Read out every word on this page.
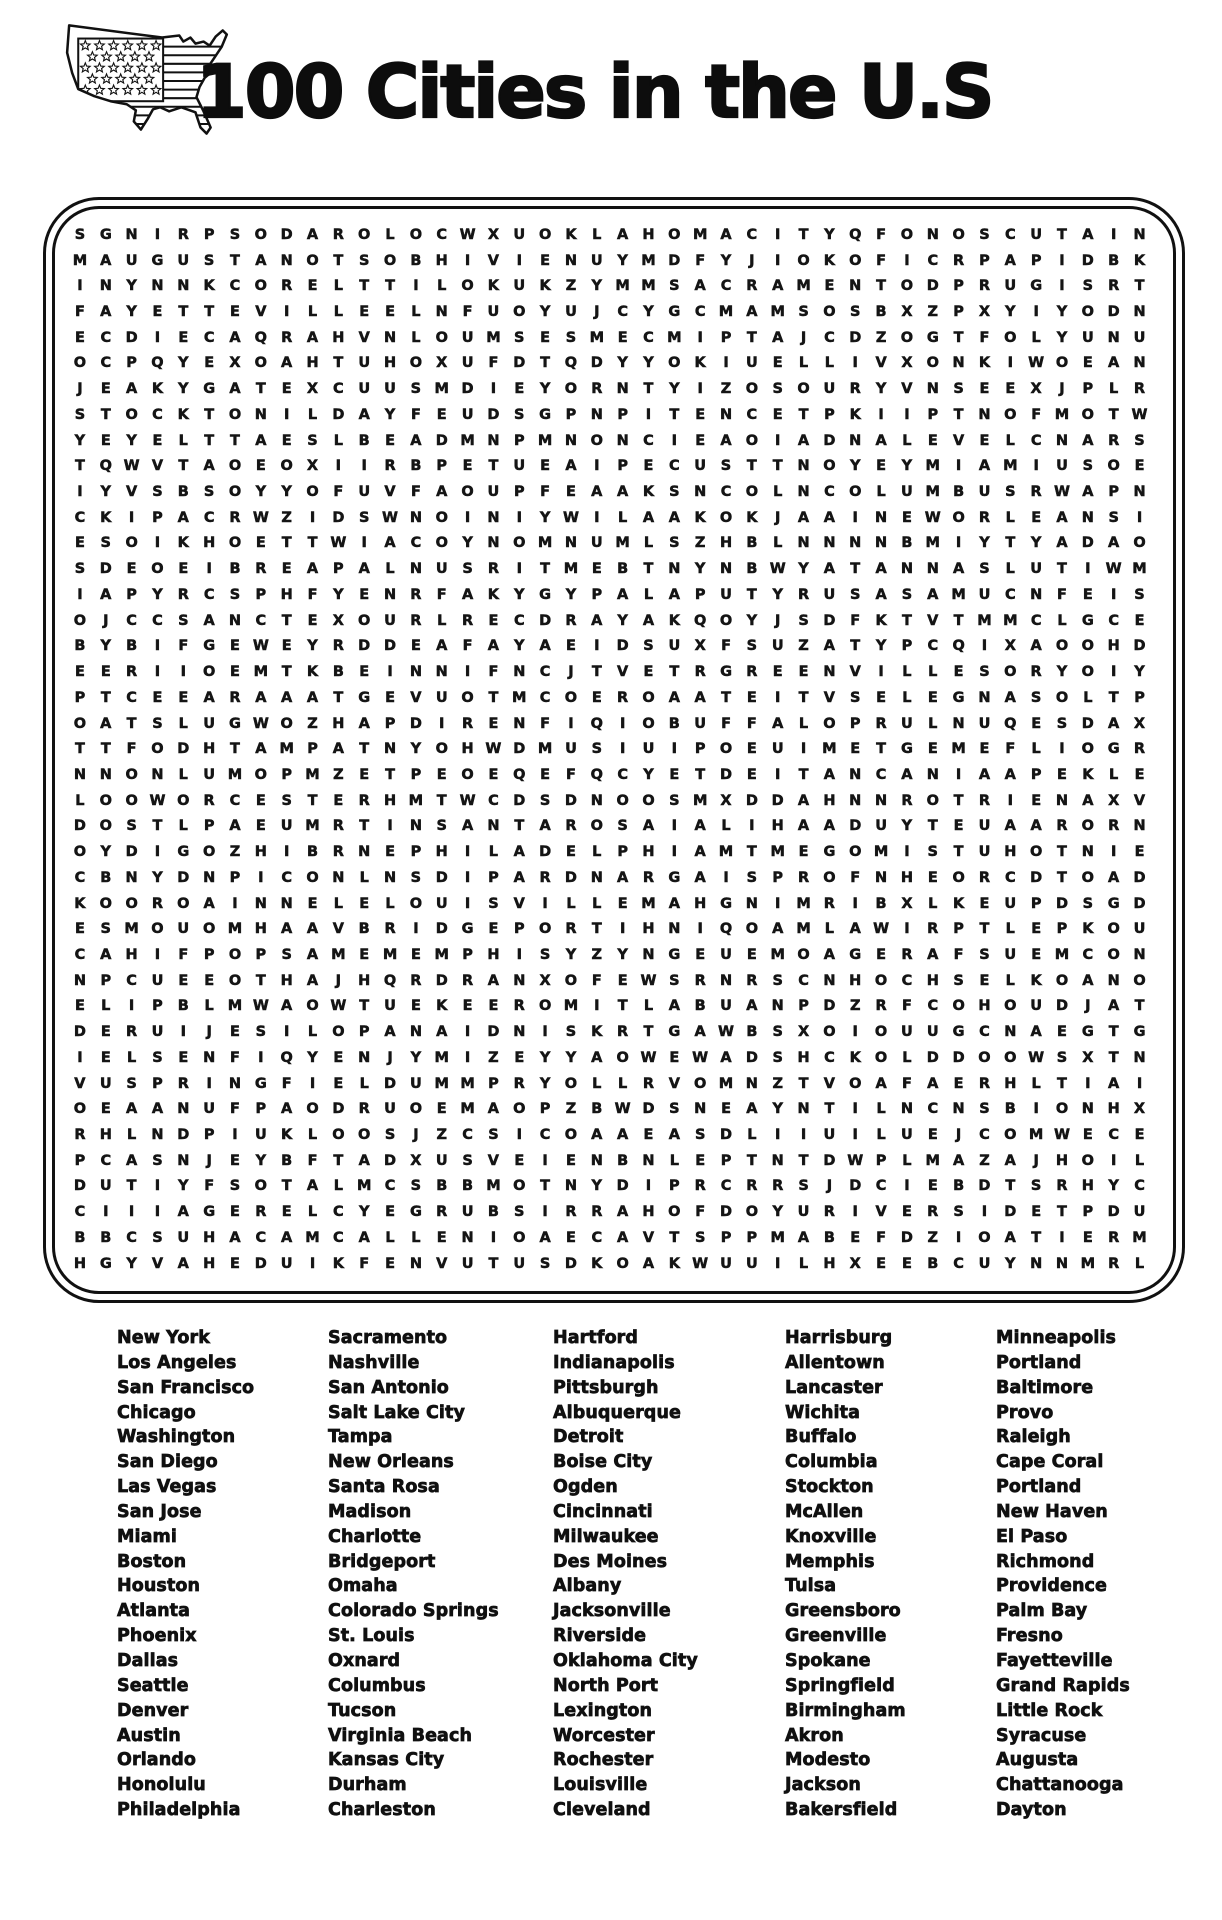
100 Cities in the U.S
S	G N	I	R	P	S O D A	R O	L	O C W X U O K	L	A H O M A	C	I	T	Y Q	F	O N O S	C	U	T	A	I	N
M A U G U	S	T	A N O	T	S O B H	I	V	I	E	N U	Y M D	F	Y	J	I	O K O	F	I	C	R	P	A	P	I	D B	K
I	N	Y	N N K	C O R	E	L	T	T	I	L	O K U K	Z	Y M M S	A	C	R	A M E	N	T	O D	P	R U G	I	S	R	T
F	A	Y	E	T	T	E	V	I	L	L	E	E	L	N	F	U O Y	U	J	C	Y	G	C M A M S O S	B	X	Z	P	X	Y	I	Y O D N
E	C D	I	E	C	A Q R	A H V N	L	O U M S	E	S M E	C M	I	P	T	A	J	C D	Z O G	T	F	O	L	Y	U N U
O C	P Q Y	E	X O A H	T	U H O X U	F	D	T	Q D	Y	Y O K	I	U	E	L	L	I	V	X O N K	I	W O	E	A N
J	E	A	K	Y	G A	T	E	X	C	U U	S M D	I	E	Y O R N	T	Y	I	Z O S O U R	Y	V N	S	E	E	X	J	P	L	R
S	T	O C	K	T	O N	I	L	D A	Y	F	E	U D	S	G	P N P	I	T	E	N C	E	T	P	K	I	I	P	T	N O	F M O	T W
Y	E	Y	E	L	T	T	A	E	S	L	B	E	A D M N P M N O N C	I	E	A O	I	A D N A	L	E	V	E	L	C N A	R	S
T	Q W V	T	A O	E	O X	I	I	R	B	P	E	T	U	E	A	I	P	E	C	U	S	T	T	N O Y	E	Y M	I	A M	I	U	S O	E
I	Y	V	S	B	S O Y	Y O	F	U V	F	A O U	P	F	E	A	A	K	S	N C O	L	N C O	L	U M B U	S	R W A	P N
C	K	I	P	A	C	R W Z	I	D	S W N O	I	N	I	Y W	I	L	A	A	K O K	J	A	A	I	N	E W O R	L	E	A N	S	I
E	S O	I	K H O	E	T	T W	I	A	C O Y	N O M N U M L	S	Z	H B	L	N N N N B M	I	Y	T	Y	A D A O
S	D	E	O	E	I	B	R	E	A	P	A	L	N U	S	R	I	T M E	B	T	N	Y	N B W Y	A	T	A N N A	S	L	U	T	I	W M
I	A	P	Y	R	C	S	P H	F	Y	E	N R	F	A	K	Y	G	Y	P	A	L	A	P	U	T	Y	R U	S	A	S	A M U	C N	F	E	I	S
O	J	C	C	S	A N C	T	E	X O U R	L	R	E	C D R	A	Y	A	K Q O Y	J	S	D	F	K	T	V	T M M C	L	G	C	E
B	Y	B	I	F	G	E W E	Y	R D D	E	A	F	A	Y	A	E	I	D	S	U X	F	S	U	Z	A	T	Y	P	C Q	I	X	A O O H D
E	E	R	I	I	O	E M T	K	B	E	I	N N	I	F	N C	J	T	V	E	T	R G R	E	E	N V	I	L	L	E	S O R	Y O	I	Y
P	T	C	E	E	A	R	A	A	A	T	G	E	V U O	T M C O	E	R O A	A	T	E	I	T	V	S	E	L	E	G N A	S O	L	T	P
O A	T	S	L	U G W O Z	H A	P	D	I	R	E	N	F	I	Q	I	O B U	F	F	A	L	O P	R U	L	N U Q	E	S	D A	X
T	T	F	O D H	T	A M P	A	T	N	Y O H W D M U	S	I	U	I	P O	E	U	I	M E	T	G	E M E	F	L	I	O G R
N N O N	L	U M O P M Z	E	T	P	E	O	E	Q	E	F	Q C	Y	E	T	D	E	I	T	A N C	A N	I	A	A	P	E	K	L	E
L	O O W O R	C	E	S	T	E	R H M T W C D	S	D N O O S M X D D A H N N R O	T	R	I	E	N A	X	V
D O S	T	L	P	A	E	U M R	T	I	N	S	A N	T	A	R O S	A	I	A	L	I	H A	A D U	Y	T	E	U A	A	R O R N
O Y	D	I	G O Z	H	I	B	R N	E	P H	I	L	A D	E	L	P H	I	A M T M E	G O M	I	S	T	U H O	T	N	I	E
C	B N	Y	D N P	I	C O N	L	N	S	D	I	P	A	R D N A	R G A	I	S	P	R O	F	N H	E	O R	C D	T	O A D
K O O R O A	I	N N	E	L	E	L	O U	I	S	V	I	L	L	E M A H G N	I	M R	I	B	X	L	K	E	U	P	D	S	G D
E	S M O U O M H A	A	V	B	R	I	D G	E	P O R	T	I	H N	I	Q O A M L	A W	I	R	P	T	L	E	P	K O U
C	A H	I	F	P O P	S	A M E M E M P H	I	S	Y	Z	Y	N G	E	U	E M O A G	E	R	A	F	S	U	E M C O N
N P	C	U	E	E	O	T	H A	J	H Q R D R	A N X O	F	E W S	R N R	S	C N H O C H	S	E	L	K O A N O
E	L	I	P	B	L M W A O W T	U	E	K	E	E	R O M	I	T	L	A	B U A N P	D	Z	R	F	C O H O U D	J	A	T
D	E	R U	I	J	E	S	I	L	O P	A N A	I	D N	I	S	K	R	T	G A W B	S	X O	I	O U U G	C N A	E	G	T	G
I	E	L	S	E	N	F	I	Q Y	E	N	J	Y M	I	Z	E	Y	Y	A O W E W A D	S	H C	K O	L	D D O O W S	X	T	N
V U	S	P	R	I	N G	F	I	E	L	D U M M P	R	Y O	L	L	R	V O M N	Z	T	V O A	F	A	E	R H	L	T	I	A	I
O	E	A	A N U	F	P	A O D R U O	E M A O P	Z	B W D	S	N	E	A	Y	N	T	I	L	N C N	S	B	I	O N H X
R H	L	N D	P	I	U K	L	O O S	J	Z	C	S	I	C O A	A	E	A	S	D	L	I	I	U	I	L	U	E	J	C O M W E	C	E
P	C	A	S	N	J	E	Y	B	F	T	A D X U	S	V	E	I	E	N B N	L	E	P	T	N	T	D W P	L M A	Z	A	J	H O	I	L
D U	T	I	Y	F	S O	T	A	L M C	S	B	B M O	T	N	Y	D	I	P	R	C	R	R	S	J	D	C	I	E	B D	T	S	R H	Y	C
C	I	I	I	A G	E	R	E	L	C	Y	E	G R U B	S	I	R	R	A H O	F	D O Y	U R	I	V	E	R	S	I	D	E	T	P	D U
B	B	C	S	U H A	C	A M C	A	L	L	E	N	I	O A	E	C	A	V	T	S	P	P M A	B	E	F	D	Z	I	O A	T	I	E	R M
H G	Y	V	A H	E	D U	I	K	F	E	N V U	T	U	S	D K O A	K W U U	I	L	H X	E	E	B	C	U	Y	N N M R	L
New York
Los Angeles
San Francisco
Chicago
Washington
San Diego
Las Vegas
San Jose
Miami
Boston
Houston
Atlanta
Phoenix
Dallas
Seattle
Denver
Austin
Orlando
Honolulu
Philadelphia
Sacramento
Nashville
San Antonio
Salt Lake City
Tampa
New Orleans
Santa Rosa
Madison
Charlotte
Bridgeport
Omaha
Colorado Springs
St. Louis
Oxnard
Columbus
Tucson
Virginia Beach
Kansas City
Durham
Charleston
Hartford
Indianapolis
Pittsburgh
Albuquerque
Detroit
Boise City
Ogden
Cincinnati
Milwaukee
Des Moines
Albany
Jacksonville
Riverside
Oklahoma City
North Port
Lexington
Worcester
Rochester
Louisville
Cleveland
Harrisburg
Allentown
Lancaster
Wichita
Buffalo
Columbia
Stockton
McAllen
Knoxville
Memphis
Tulsa
Greensboro
Greenville
Spokane
Springfield
Birmingham
Akron
Modesto
Jackson
Bakersfield
Minneapolis
Portland
Baltimore
Provo
Raleigh
Cape Coral
Portland
New Haven
El Paso
Richmond
Providence
Palm Bay
Fresno
Fayetteville
Grand Rapids
Little Rock
Syracuse
Augusta
Chattanooga
Dayton
